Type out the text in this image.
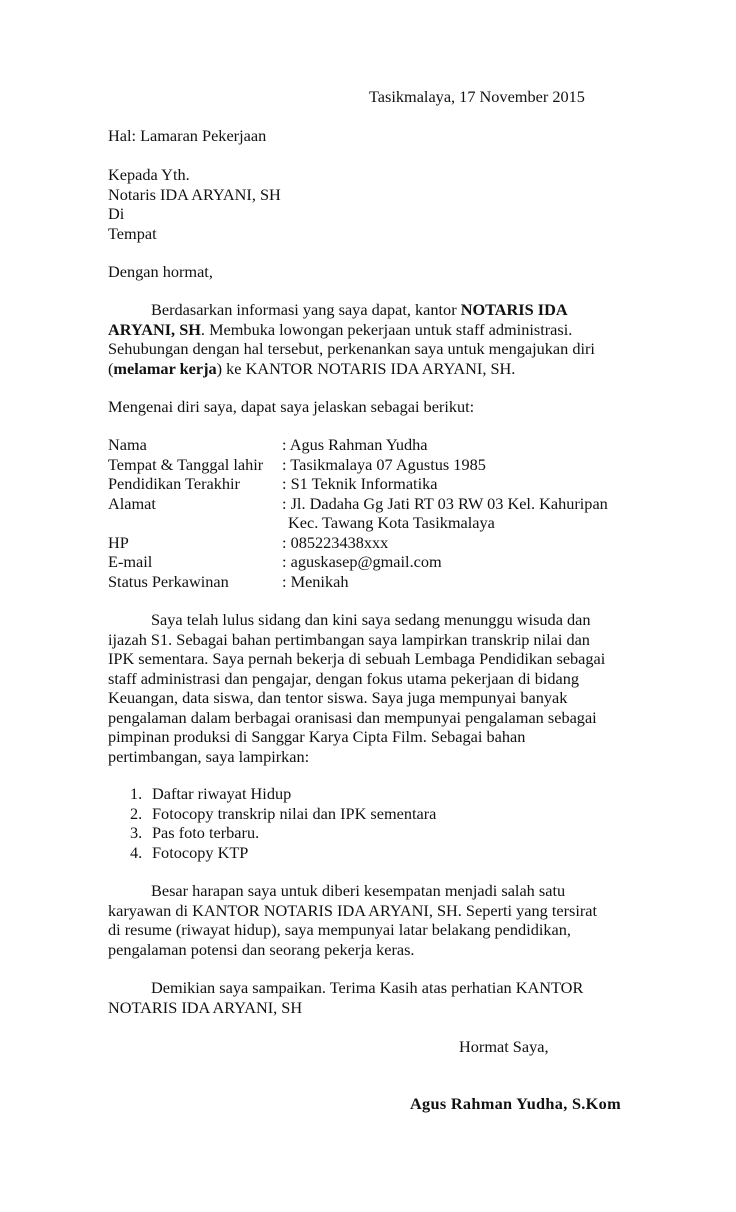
Tasikmalaya, 17 November 2015
Hal: Lamaran Pekerjaan
Kepada Yth.
Notaris IDA ARYANI, SH
Di
Tempat
Dengan hormat,
Berdasarkan informasi yang saya dapat, kantor NOTARIS IDA
ARYANI, SH. Membuka lowongan pekerjaan untuk staff administrasi.
Sehubungan dengan hal tersebut, perkenankan saya untuk mengajukan diri
(melamar kerja) ke KANTOR NOTARIS IDA ARYANI, SH.
Mengenai diri saya, dapat saya jelaskan sebagai berikut:
Nama	: Agus Rahman Yudha
Tempat & Tanggal lahir	: Tasikmalaya 07 Agustus 1985
Pendidikan Terakhir	: S1 Teknik Informatika
Alamat	: Jl. Dadaha Gg Jati RT 03 RW 03 Kel. Kahuripan
Kec. Tawang Kota Tasikmalaya
HP	: 085223438xxx
E-mail	: aguskasep@gmail.com
Status Perkawinan	: Menikah
Saya telah lulus sidang dan kini saya sedang menunggu wisuda dan
ijazah S1. Sebagai bahan pertimbangan saya lampirkan transkrip nilai dan
IPK sementara. Saya pernah bekerja di sebuah Lembaga Pendidikan sebagai
staff administrasi dan pengajar, dengan fokus utama pekerjaan di bidang
Keuangan, data siswa, dan tentor siswa. Saya juga mempunyai banyak
pengalaman dalam berbagai oranisasi dan mempunyai pengalaman sebagai
pimpinan produksi di Sanggar Karya Cipta Film. Sebagai bahan
pertimbangan, saya lampirkan:
1. Daftar riwayat Hidup
2. Fotocopy transkrip nilai dan IPK sementara
3. Pas foto terbaru.
4. Fotocopy KTP
Besar harapan saya untuk diberi kesempatan menjadi salah satu
karyawan di KANTOR NOTARIS IDA ARYANI, SH. Seperti yang tersirat
di resume (riwayat hidup), saya mempunyai latar belakang pendidikan,
pengalaman potensi dan seorang pekerja keras.
Demikian saya sampaikan. Terima Kasih atas perhatian KANTOR
NOTARIS IDA ARYANI, SH
Hormat Saya,
Agus Rahman Yudha, S.Kom
